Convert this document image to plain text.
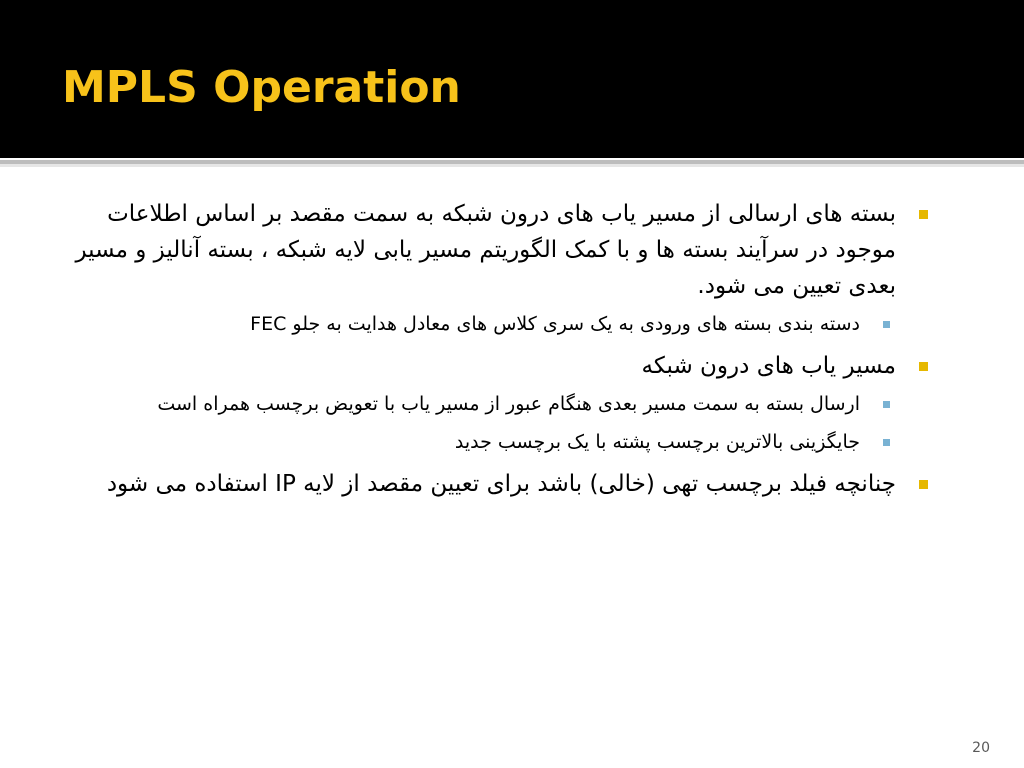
MPLS Operation
بسته های ارسالی از مسیر یاب های درون شبکه به سمت مقصد بر اساس اطلاعات موجود در سرآیند بسته ها و با کمک الگوریتم مسیر یابی لایه شبکه ، بسته آنالیز و مسیر بعدی تعیین می شود.
دسته بندی بسته های ورودی به یک سری کلاس های معادل هدایت به جلو FEC
مسیر یاب های درون شبکه
ارسال بسته به سمت مسیر بعدی هنگام عبور از مسیر یاب با تعویض برچسب همراه است
جایگزینی بالاترین برچسب پشته با یک برچسب جدید
چنانچه فیلد برچسب تهی (خالی) باشد برای تعیین مقصد از لایه IP استفاده می شود
20
